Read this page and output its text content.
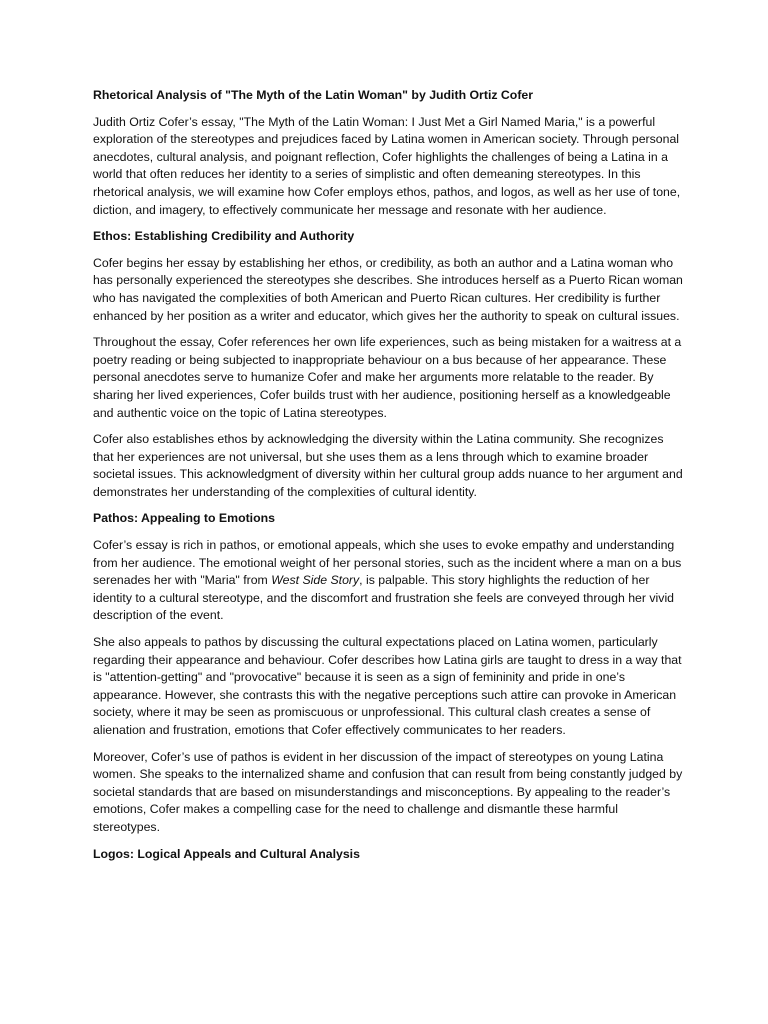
Rhetorical Analysis of "The Myth of the Latin Woman" by Judith Ortiz Cofer

Judith Ortiz Cofer’s essay, "The Myth of the Latin Woman: I Just Met a Girl Named Maria," is a powerful exploration of the stereotypes and prejudices faced by Latina women in American society. Through personal anecdotes, cultural analysis, and poignant reflection, Cofer highlights the challenges of being a Latina in a world that often reduces her identity to a series of simplistic and often demeaning stereotypes. In this rhetorical analysis, we will examine how Cofer employs ethos, pathos, and logos, as well as her use of tone, diction, and imagery, to effectively communicate her message and resonate with her audience.

Ethos: Establishing Credibility and Authority

Cofer begins her essay by establishing her ethos, or credibility, as both an author and a Latina woman who has personally experienced the stereotypes she describes. She introduces herself as a Puerto Rican woman who has navigated the complexities of both American and Puerto Rican cultures. Her credibility is further enhanced by her position as a writer and educator, which gives her the authority to speak on cultural issues.

Throughout the essay, Cofer references her own life experiences, such as being mistaken for a waitress at a poetry reading or being subjected to inappropriate behaviour on a bus because of her appearance. These personal anecdotes serve to humanize Cofer and make her arguments more relatable to the reader. By sharing her lived experiences, Cofer builds trust with her audience, positioning herself as a knowledgeable and authentic voice on the topic of Latina stereotypes.

Cofer also establishes ethos by acknowledging the diversity within the Latina community. She recognizes that her experiences are not universal, but she uses them as a lens through which to examine broader societal issues. This acknowledgment of diversity within her cultural group adds nuance to her argument and demonstrates her understanding of the complexities of cultural identity.

Pathos: Appealing to Emotions

Cofer’s essay is rich in pathos, or emotional appeals, which she uses to evoke empathy and understanding from her audience. The emotional weight of her personal stories, such as the incident where a man on a bus serenades her with "Maria" from West Side Story, is palpable. This story highlights the reduction of her identity to a cultural stereotype, and the discomfort and frustration she feels are conveyed through her vivid description of the event.

She also appeals to pathos by discussing the cultural expectations placed on Latina women, particularly regarding their appearance and behaviour. Cofer describes how Latina girls are taught to dress in a way that is "attention-getting" and "provocative" because it is seen as a sign of femininity and pride in one’s appearance. However, she contrasts this with the negative perceptions such attire can provoke in American society, where it may be seen as promiscuous or unprofessional. This cultural clash creates a sense of alienation and frustration, emotions that Cofer effectively communicates to her readers.

Moreover, Cofer’s use of pathos is evident in her discussion of the impact of stereotypes on young Latina women. She speaks to the internalized shame and confusion that can result from being constantly judged by societal standards that are based on misunderstandings and misconceptions. By appealing to the reader’s emotions, Cofer makes a compelling case for the need to challenge and dismantle these harmful stereotypes.

Logos: Logical Appeals and Cultural Analysis
